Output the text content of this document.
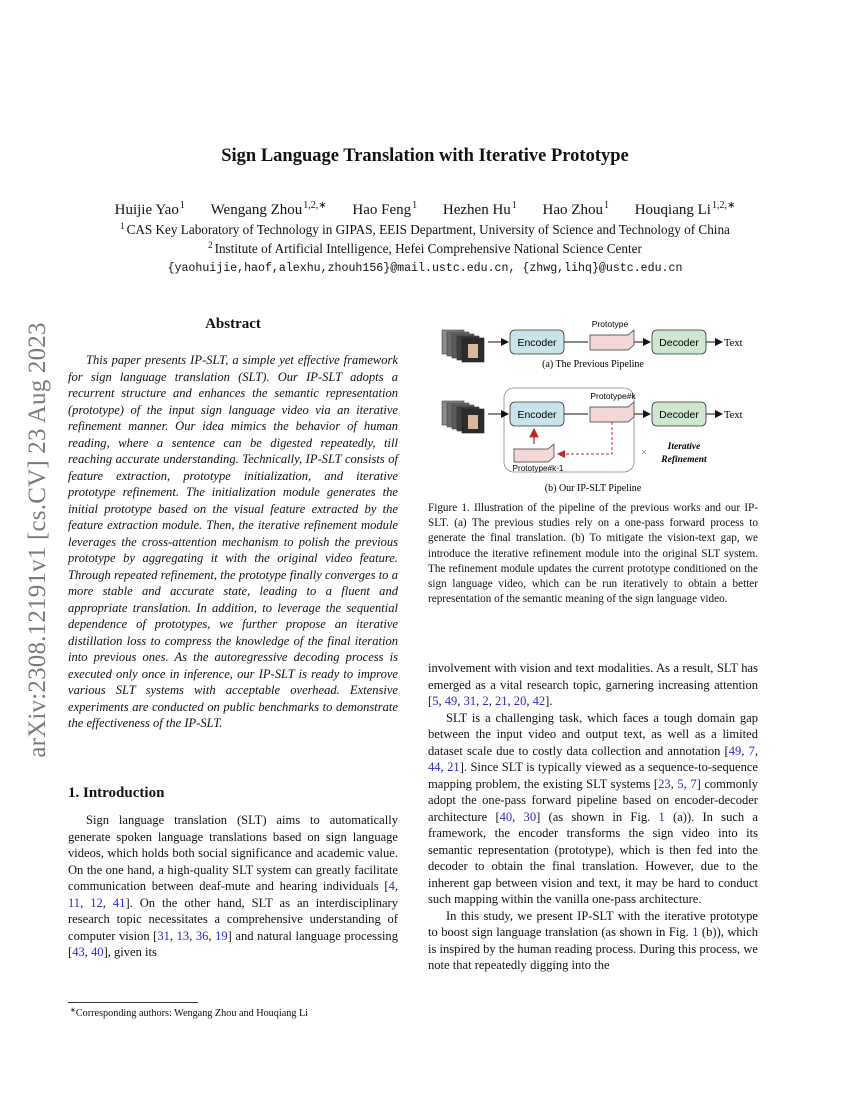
arXiv:2308.12191v1 [cs.CV] 23 Aug 2023
Sign Language Translation with Iterative Prototype
Huijie Yao$^1$ Wengang Zhou$^{1,2,∗}$ Hao Feng$^1$ Hezhen Hu$^1$ Hao Zhou$^1$ Houqiang $Li^{1,2,∗}$
$^1$ CAS Key Laboratory of Technology in GIPAS, EEIS Department, University of Science and Technology of China
$^2$ Institute of Artificial Intelligence, Hefei Comprehensive National Science Center
{yaohuijie,haof,alexhu,zhouh156}@mail.ustc.edu.cn, {zhwg,lihq}@ustc.edu.cn
Abstract

This paper presents IP-SLT, a simple yet effective framework for sign language translation (SLT). Our IP-SLT adopts a recurrent structure and enhances the semantic representation (prototype) of the input sign language video via an iterative refinement manner. Our idea mimics the behavior of human reading, where a sentence can be digested repeatedly, till reaching accurate understanding. Technically, IP-SLT consists of feature extraction, prototype initialization, and iterative prototype refinement. The initialization module generates the initial prototype based on the visual feature extracted by the feature extraction module. Then, the iterative refinement module leverages the cross-attention mechanism to polish the previous prototype by aggregating it with the original video feature. Through repeated refinement, the prototype finally converges to a more stable and accurate state, leading to a fluent and appropriate translation. In addition, to leverage the sequential dependence of prototypes, we further propose an iterative distillation loss to compress the knowledge of the final iteration into previous ones. As the autoregressive decoding process is executed only once in inference, our IP-SLT is ready to improve various SLT systems with acceptable overhead. Extensive experiments are conducted on public benchmarks to demonstrate the effectiveness of the IP-SLT.

1. Introduction

Sign language translation (SLT) aims to automatically generate spoken language translations based on sign language videos, which holds both social significance and academic value. On the one hand, a high-quality SLT system can greatly facilitate communication between deaf-mute and hearing individuals [4, 11, 12, 41]. On the other hand, SLT as an interdisciplinary research topic necessitates a comprehensive understanding of computer vision [31, 13, 36, 19] and natural language processing [43, 40], given its

∗Corresponding authors: Wengang Zhou and Houqiang Li
Encoder
Prototype
Decoder Text
(a) The Previous Pipeline
Encoder
Prototype#k
Decoder Text
Prototype#k-1
× Iterative
Refinement
(b) Our IP-SLT Pipeline
Figure 1. Illustration of the pipeline of the previous works and our IP-SLT. (a) The previous studies rely on a one-pass forward process to generate the final translation. (b) To mitigate the vision-text gap, we introduce the iterative refinement module into the original SLT system. The refinement module updates the current prototype conditioned on the sign language video, which can be run iteratively to obtain a better representation of the semantic meaning of the sign language video.

involvement with vision and text modalities. As a result, SLT has emerged as a vital research topic, garnering increasing attention [5, 49, 31, 2, 21, 20, 42].

SLT is a challenging task, which faces a tough domain gap between the input video and output text, as well as a limited dataset scale due to costly data collection and annotation [49, 7, 44, 21]. Since SLT is typically viewed as a sequence-to-sequence mapping problem, the existing SLT systems [23, 5, 7] commonly adopt the one-pass forward pipeline based on encoder-decoder architecture [40, 30] (as shown in Fig. 1 (a)). In such a framework, the encoder transforms the sign video into its semantic representation (prototype), which is then fed into the decoder to obtain the final translation. However, due to the inherent gap between vision and text, it may be hard to conduct such mapping within the vanilla one-pass architecture.

In this study, we present IP-SLT with the iterative prototype to boost sign language translation (as shown in Fig. 1 (b)), which is inspired by the human reading process. During this process, we note that repeatedly digging into the
